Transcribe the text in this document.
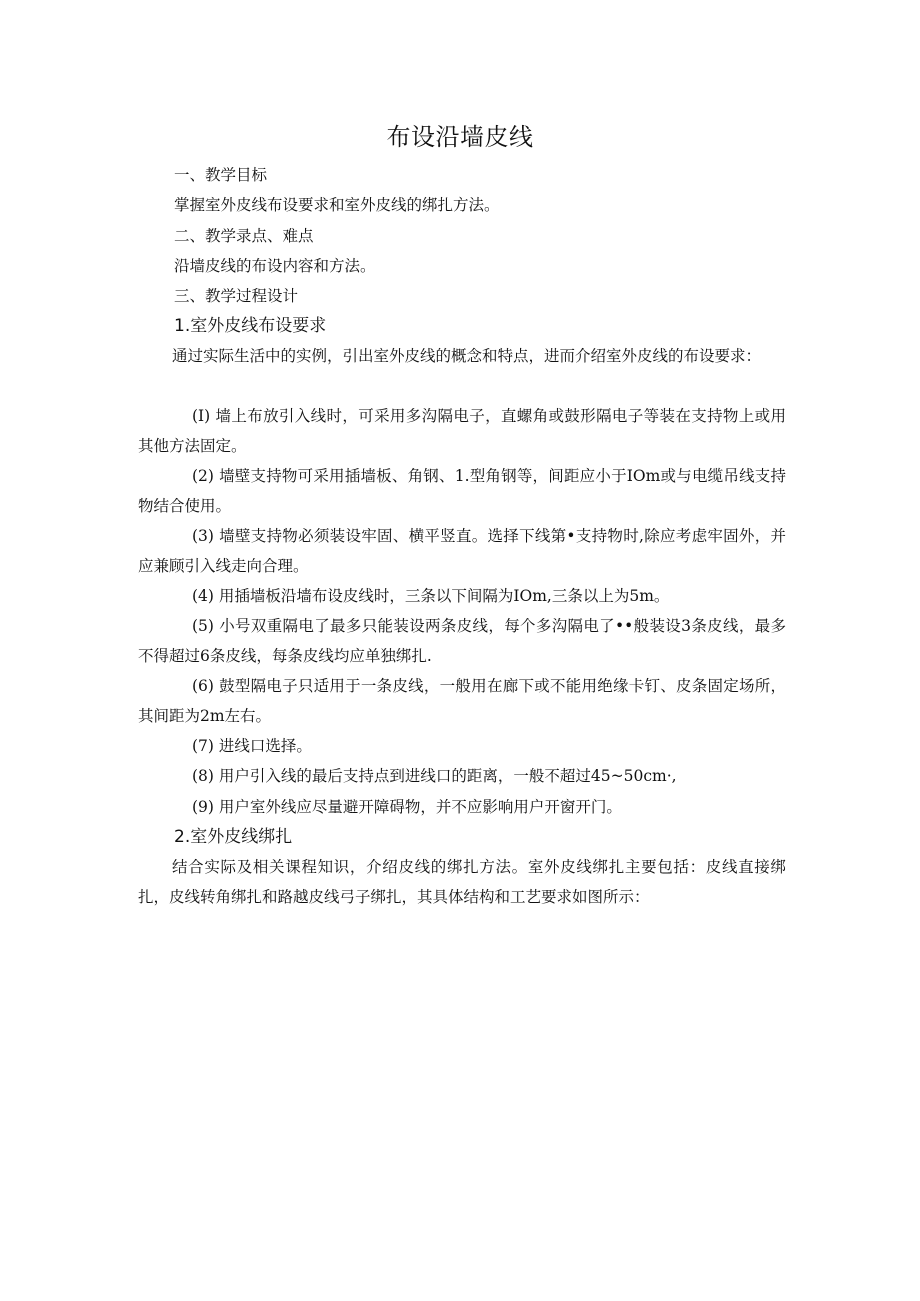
布设沿墙皮线

一、教学目标

掌握室外皮线布设要求和室外皮线的绑扎方法。

二、教学录点、难点

沿墙皮线的布设内容和方法。

三、教学过程设计

1.室外皮线布设要求

通过实际生活中的实例，引出室外皮线的概念和特点，进而介绍室外皮线的布设要求：

(I) 墙上布放引入线时，可采用多沟隔电子，直螺角或鼓形隔电子等装在支持物上或用其他方法固定。

(2) 墙壁支持物可采用插墙板、角钢、1.型角钢等，间距应小于IOm或与电缆吊线支持物结合使用。

(3) 墙壁支持物必须装设牢固、横平竖直。选择下线第•支持物时,除应考虑牢固外，并应兼顾引入线走向合理。

(4) 用插墙板沿墙布设皮线时，三条以下间隔为IOm,三条以上为5m。

(5) 小号双重隔电了最多只能装设两条皮线，每个多沟隔电了••般装设3条皮线，最多不得超过6条皮线，每条皮线均应单独绑扎.

(6) 鼓型隔电子只适用于一条皮线，一般用在廊下或不能用绝缘卡钉、皮条固定场所，其间距为2m左右。

(7) 进线口选择。

(8) 用户引入线的最后支持点到进线口的距离，一般不超过45~50cm·,

(9) 用户室外线应尽量避开障碍物，并不应影响用户开窗开门。

2.室外皮线绑扎

结合实际及相关课程知识，介绍皮线的绑扎方法。室外皮线绑扎主要包括：皮线直接绑扎，皮线转角绑扎和路越皮线弓子绑扎，其具体结构和工艺要求如图所示：
